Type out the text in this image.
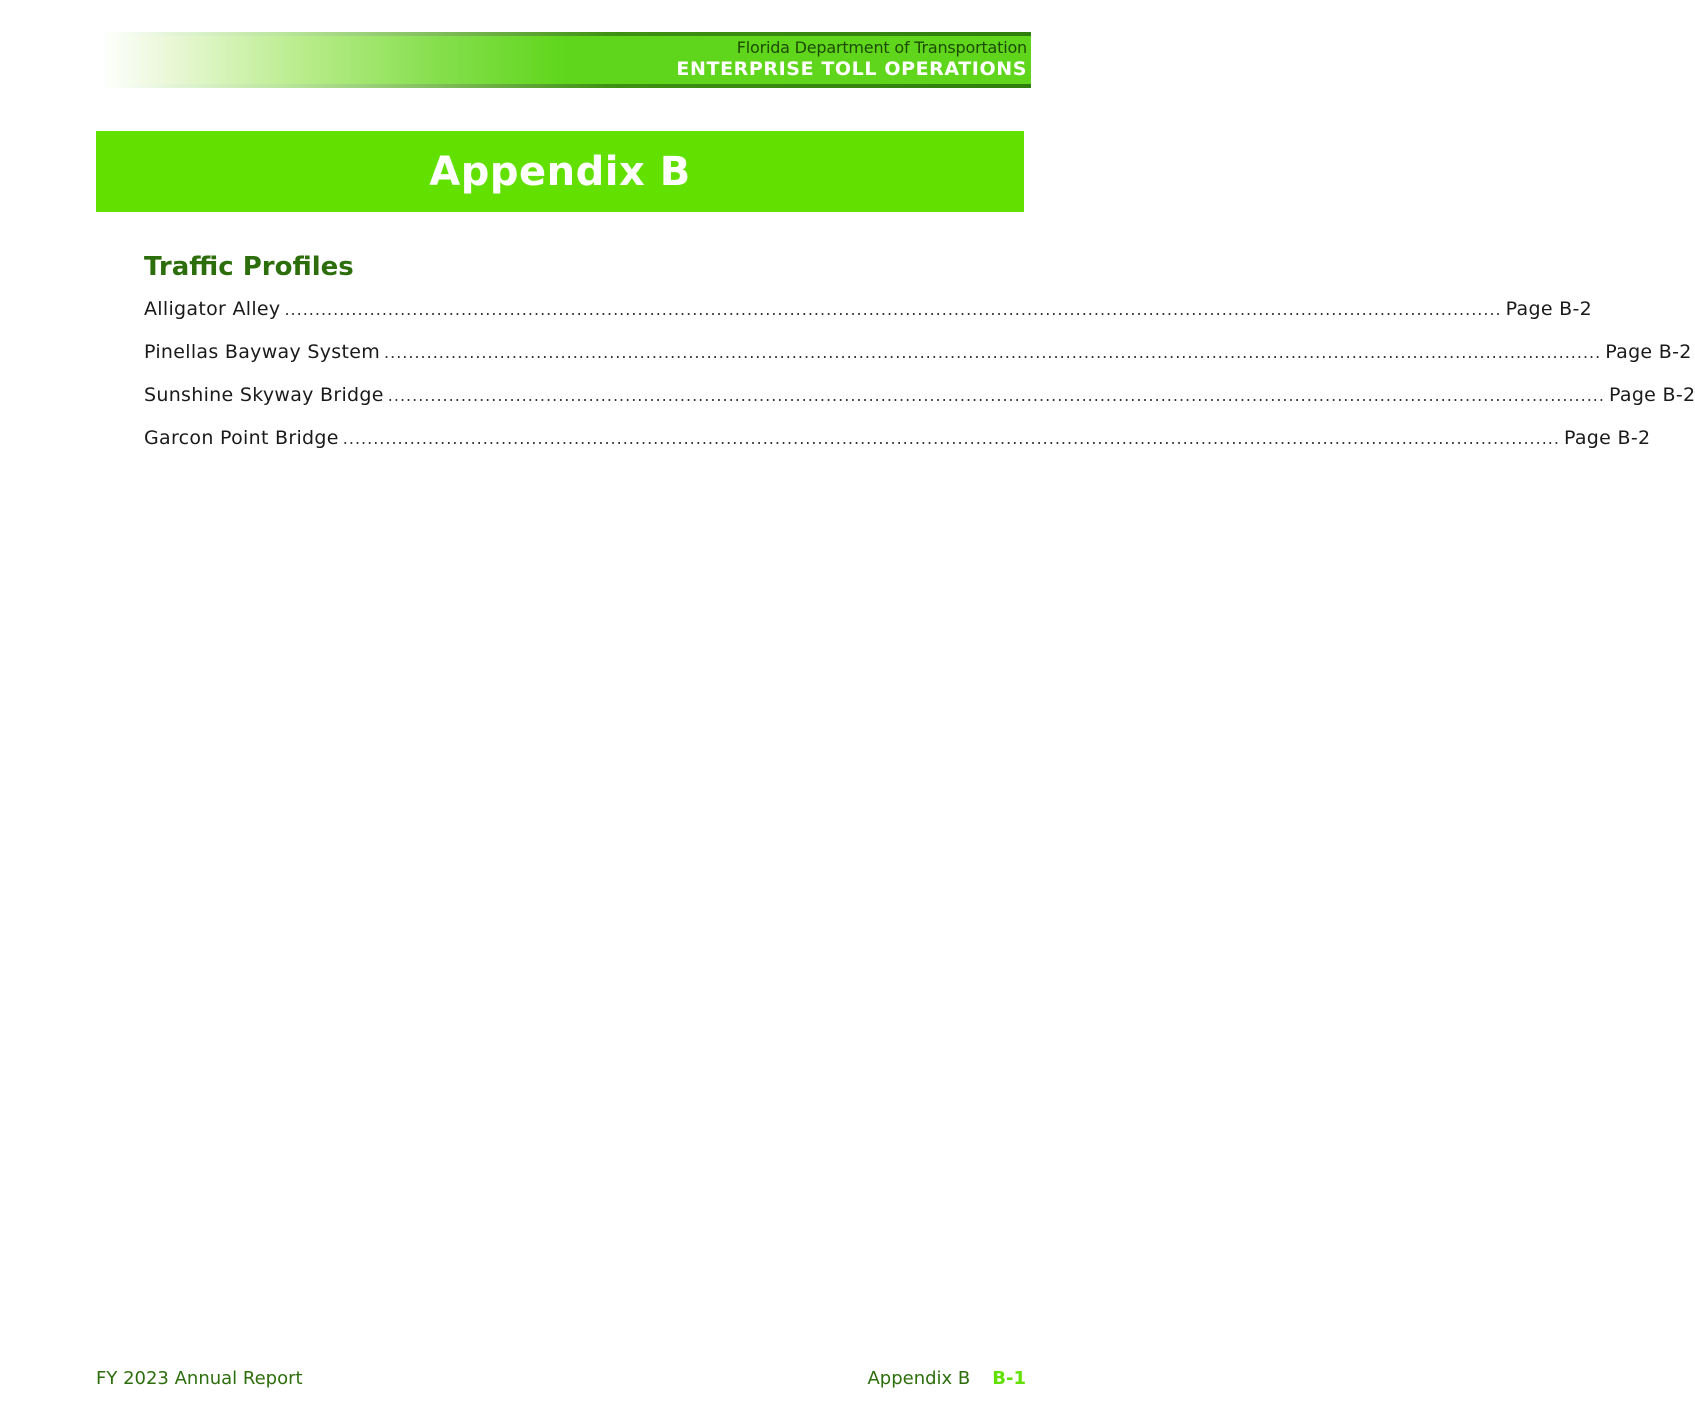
Florida Department of Transportation
ENTERPRISE TOLL OPERATIONS
Appendix B
Traffic Profiles
Alligator Alley ........................................................................................................................................................................................................ Page B-2
Pinellas Bayway System ........................................................................................................................................................................................................ Page B-2
Sunshine Skyway Bridge ........................................................................................................................................................................................................ Page B-2
Garcon Point Bridge ........................................................................................................................................................................................................ Page B-2
FY 2023 Annual Report	Appendix B B-1
